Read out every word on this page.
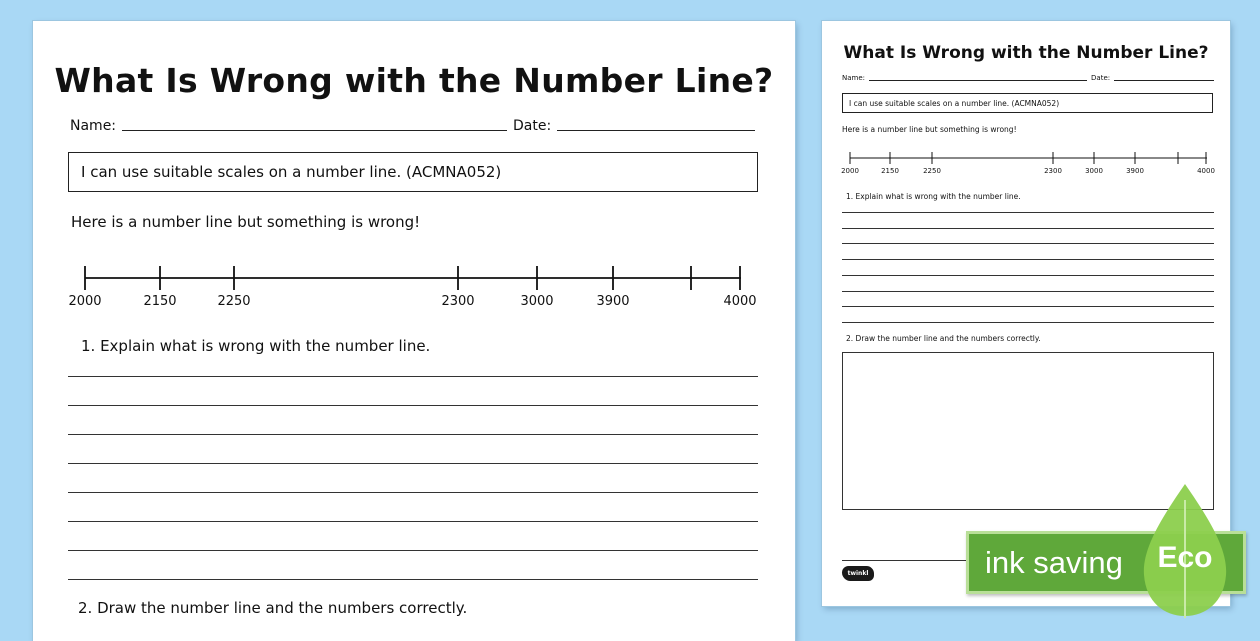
What Is Wrong with the Number Line?
Name:	Date:
I can use suitable scales on a number line. (ACMNA052)

Here is a number line but something is wrong!

2000	2150	2250	2300	3000	3900	4000

1. Explain what is wrong with the number line.

2. Draw the number line and the numbers correctly.

What Is Wrong with the Number Line?
Name:	Date:
I can use suitable scales on a number line. (ACMNA052)

Here is a number line but something is wrong!

2000	2150	2250	2300	3000	3900	4000

1. Explain what is wrong with the number line.

2. Draw the number line and the numbers correctly.

twinkl	ink saving	Eco
